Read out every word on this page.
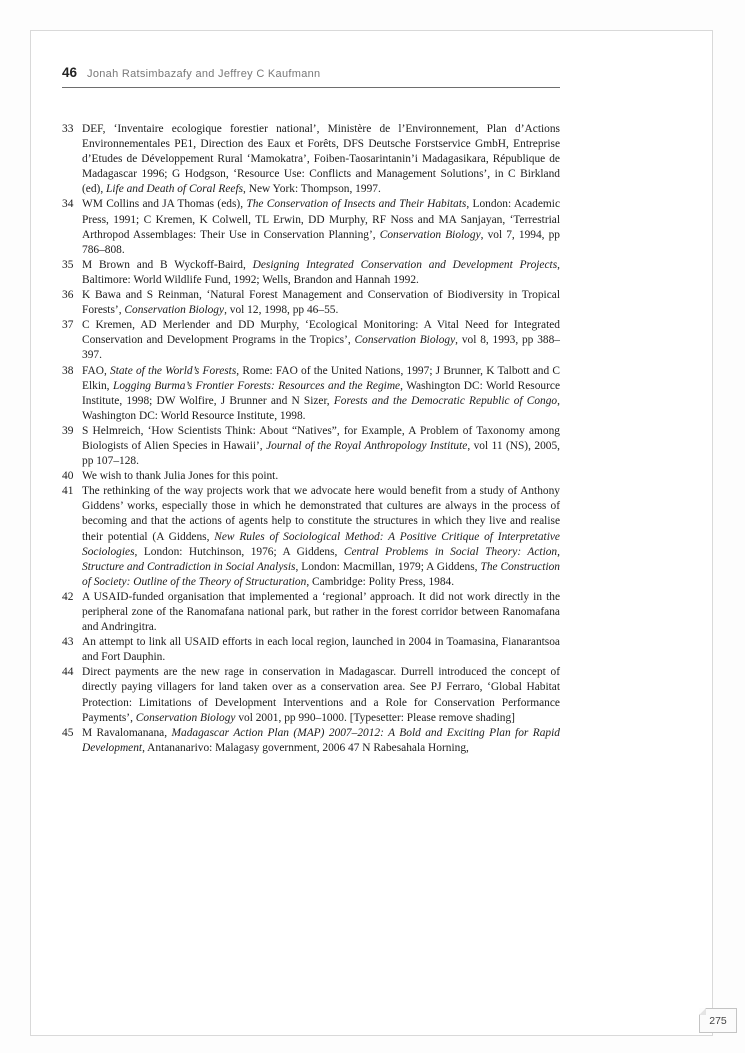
46 Jonah Ratsimbazafy and Jeffrey C Kaufmann
33 DEF, ‘Inventaire ecologique forestier national’, Ministère de l’Environnement, Plan d’Actions Environnementales PE1, Direction des Eaux et Forêts, DFS Deutsche Forstservice GmbH, Entreprise d’Etudes de Développement Rural ‘Mamokatra’, Foiben-Taosarintanin’i Madagasikara, République de Madagascar 1996; G Hodgson, ‘Resource Use: Conflicts and Management Solutions’, in C Birkland (ed), Life and Death of Coral Reefs, New York: Thompson, 1997.
34 WM Collins and JA Thomas (eds), The Conservation of Insects and Their Habitats, London: Academic Press, 1991; C Kremen, K Colwell, TL Erwin, DD Murphy, RF Noss and MA Sanjayan, ‘Terrestrial Arthropod Assemblages: Their Use in Conservation Planning’, Conservation Biology, vol 7, 1994, pp 786–808.
35 M Brown and B Wyckoff-Baird, Designing Integrated Conservation and Development Projects, Baltimore: World Wildlife Fund, 1992; Wells, Brandon and Hannah 1992.
36 K Bawa and S Reinman, ‘Natural Forest Management and Conservation of Biodiversity in Tropical Forests’, Conservation Biology, vol 12, 1998, pp 46–55.
37 C Kremen, AD Merlender and DD Murphy, ‘Ecological Monitoring: A Vital Need for Integrated Conservation and Development Programs in the Tropics’, Conservation Biology, vol 8, 1993, pp 388–397.
38 FAO, State of the World’s Forests, Rome: FAO of the United Nations, 1997; J Brunner, K Talbott and C Elkin, Logging Burma’s Frontier Forests: Resources and the Regime, Washington DC: World Resource Institute, 1998; DW Wolfire, J Brunner and N Sizer, Forests and the Democratic Republic of Congo, Washington DC: World Resource Institute, 1998.
39 S Helmreich, ‘How Scientists Think: About “Natives”, for Example, A Problem of Taxonomy among Biologists of Alien Species in Hawaii’, Journal of the Royal Anthropology Institute, vol 11 (NS), 2005, pp 107–128.
40 We wish to thank Julia Jones for this point.
41 The rethinking of the way projects work that we advocate here would benefit from a study of Anthony Giddens’ works, especially those in which he demonstrated that cultures are always in the process of becoming and that the actions of agents help to constitute the structures in which they live and realise their potential (A Giddens, New Rules of Sociological Method: A Positive Critique of Interpretative Sociologies, London: Hutchinson, 1976; A Giddens, Central Problems in Social Theory: Action, Structure and Contradiction in Social Analysis, London: Macmillan, 1979; A Giddens, The Construction of Society: Outline of the Theory of Structuration, Cambridge: Polity Press, 1984.
42 A USAID-funded organisation that implemented a ‘regional’ approach. It did not work directly in the peripheral zone of the Ranomafana national park, but rather in the forest corridor between Ranomafana and Andringitra.
43 An attempt to link all USAID efforts in each local region, launched in 2004 in Toamasina, Fianarantsoa and Fort Dauphin.
44 Direct payments are the new rage in conservation in Madagascar. Durrell introduced the concept of directly paying villagers for land taken over as a conservation area. See PJ Ferraro, ‘Global Habitat Protection: Limitations of Development Interventions and a Role for Conservation Performance Payments’, Conservation Biology vol 2001, pp 990–1000. [Typesetter: Please remove shading]
45 M Ravalomanana, Madagascar Action Plan (MAP) 2007–2012: A Bold and Exciting Plan for Rapid Development, Antananarivo: Malagasy government, 2006 47 N Rabesahala Horning,
275
